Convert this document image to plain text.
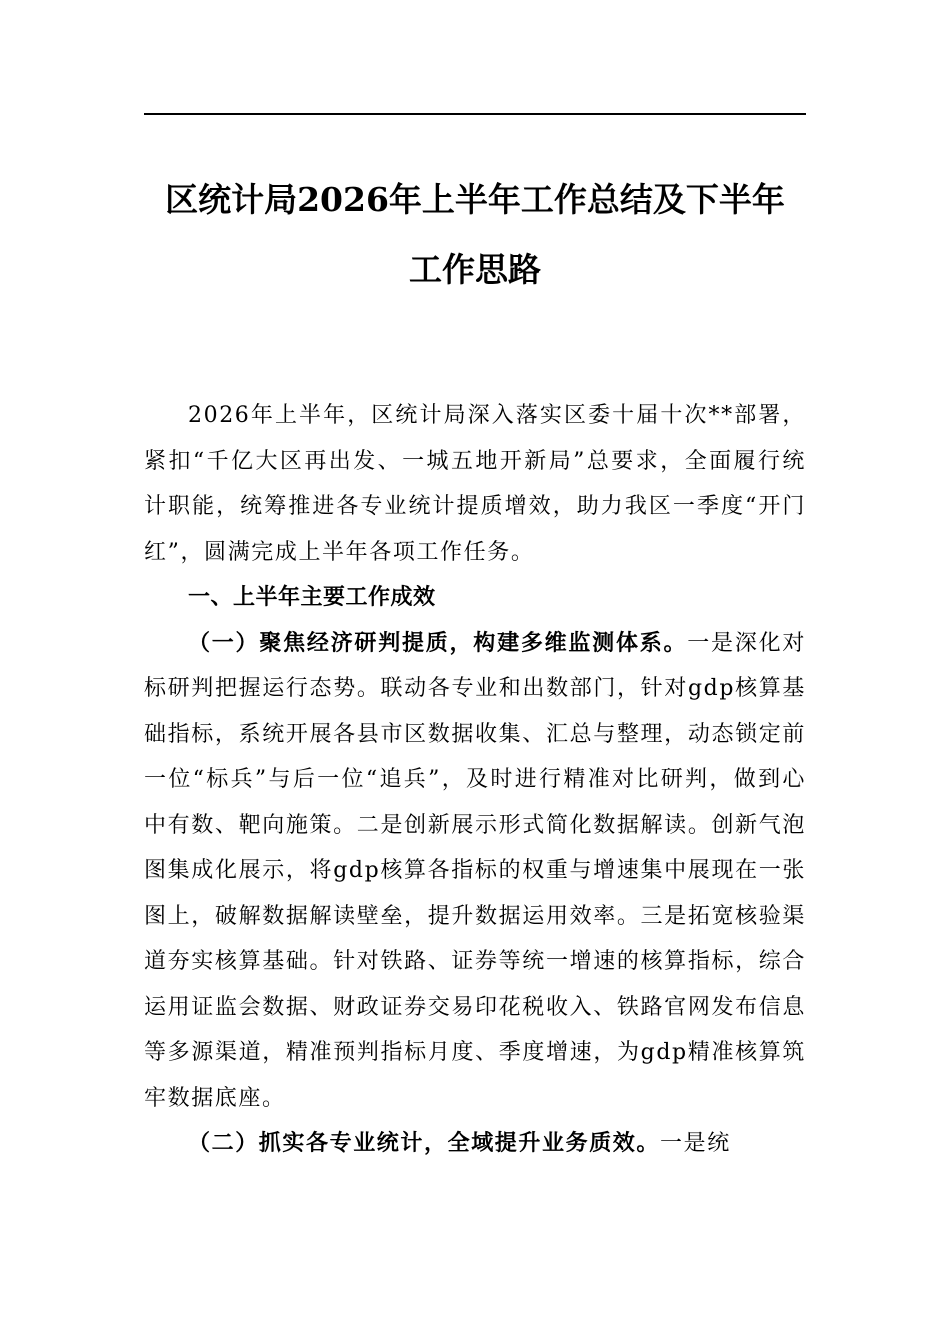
区统计局2026年上半年工作总结及下半年
工作思路

2026年上半年，区统计局深入落实区委十届十次**部署，紧扣“千亿大区再出发、一城五地开新局”总要求，全面履行统计职能，统筹推进各专业统计提质增效，助力我区一季度“开门红”，圆满完成上半年各项工作任务。

一、上半年主要工作成效

（一）聚焦经济研判提质，构建多维监测体系。一是深化对标研判把握运行态势。联动各专业和出数部门，针对gdp核算基础指标，系统开展各县市区数据收集、汇总与整理，动态锁定前一位“标兵”与后一位“追兵”，及时进行精准对比研判，做到心中有数、靶向施策。二是创新展示形式简化数据解读。创新气泡图集成化展示，将gdp核算各指标的权重与增速集中展现在一张图上，破解数据解读壁垒，提升数据运用效率。三是拓宽核验渠道夯实核算基础。针对铁路、证券等统一增速的核算指标，综合运用证监会数据、财政证券交易印花税收入、铁路官网发布信息等多源渠道，精准预判指标月度、季度增速，为gdp精准核算筑牢数据底座。

（二）抓实各专业统计，全域提升业务质效。一是统
